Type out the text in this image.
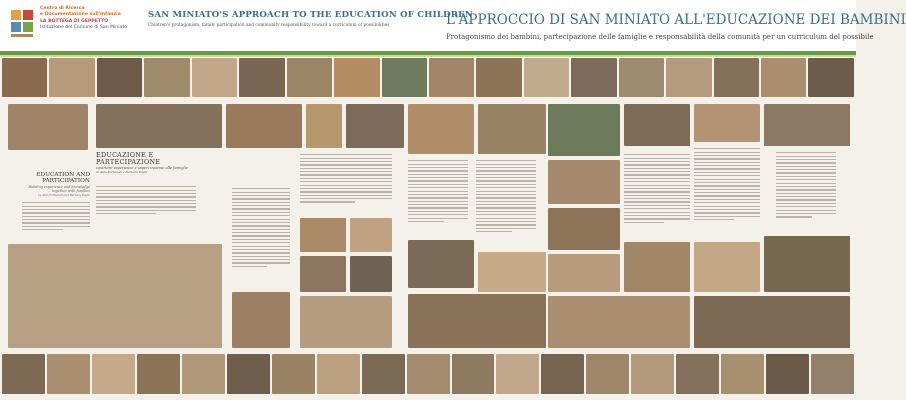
Centro di Ricerca
e Documentazione sull'Infanzia
LA BOTTEGA DI GEPPETTO
Istituzione del Comune di San Miniato
SAN MINIATO'S APPROACH TO THE EDUCATION OF CHILDREN
Children's protagonism, family participation and community responsibility toward a curriculum of possibilities	L'APPROCCIO DI SAN MINIATO ALL'EDUCAZIONE DEI BAMBINI
Protagonismo dei bambini, partecipazione delle famiglie e responsabilità della comunità per un curriculum del possibile
EDUCAZIONE E PARTECIPAZIONE
costruire esperienze e saperi insieme alle famiglie
di Aldo Fortunati e Barbara Pagni
EDUCATION AND PARTICIPATION
Building experience and knowledge together with families
by Aldo Fortunati and Barbara Pagni
